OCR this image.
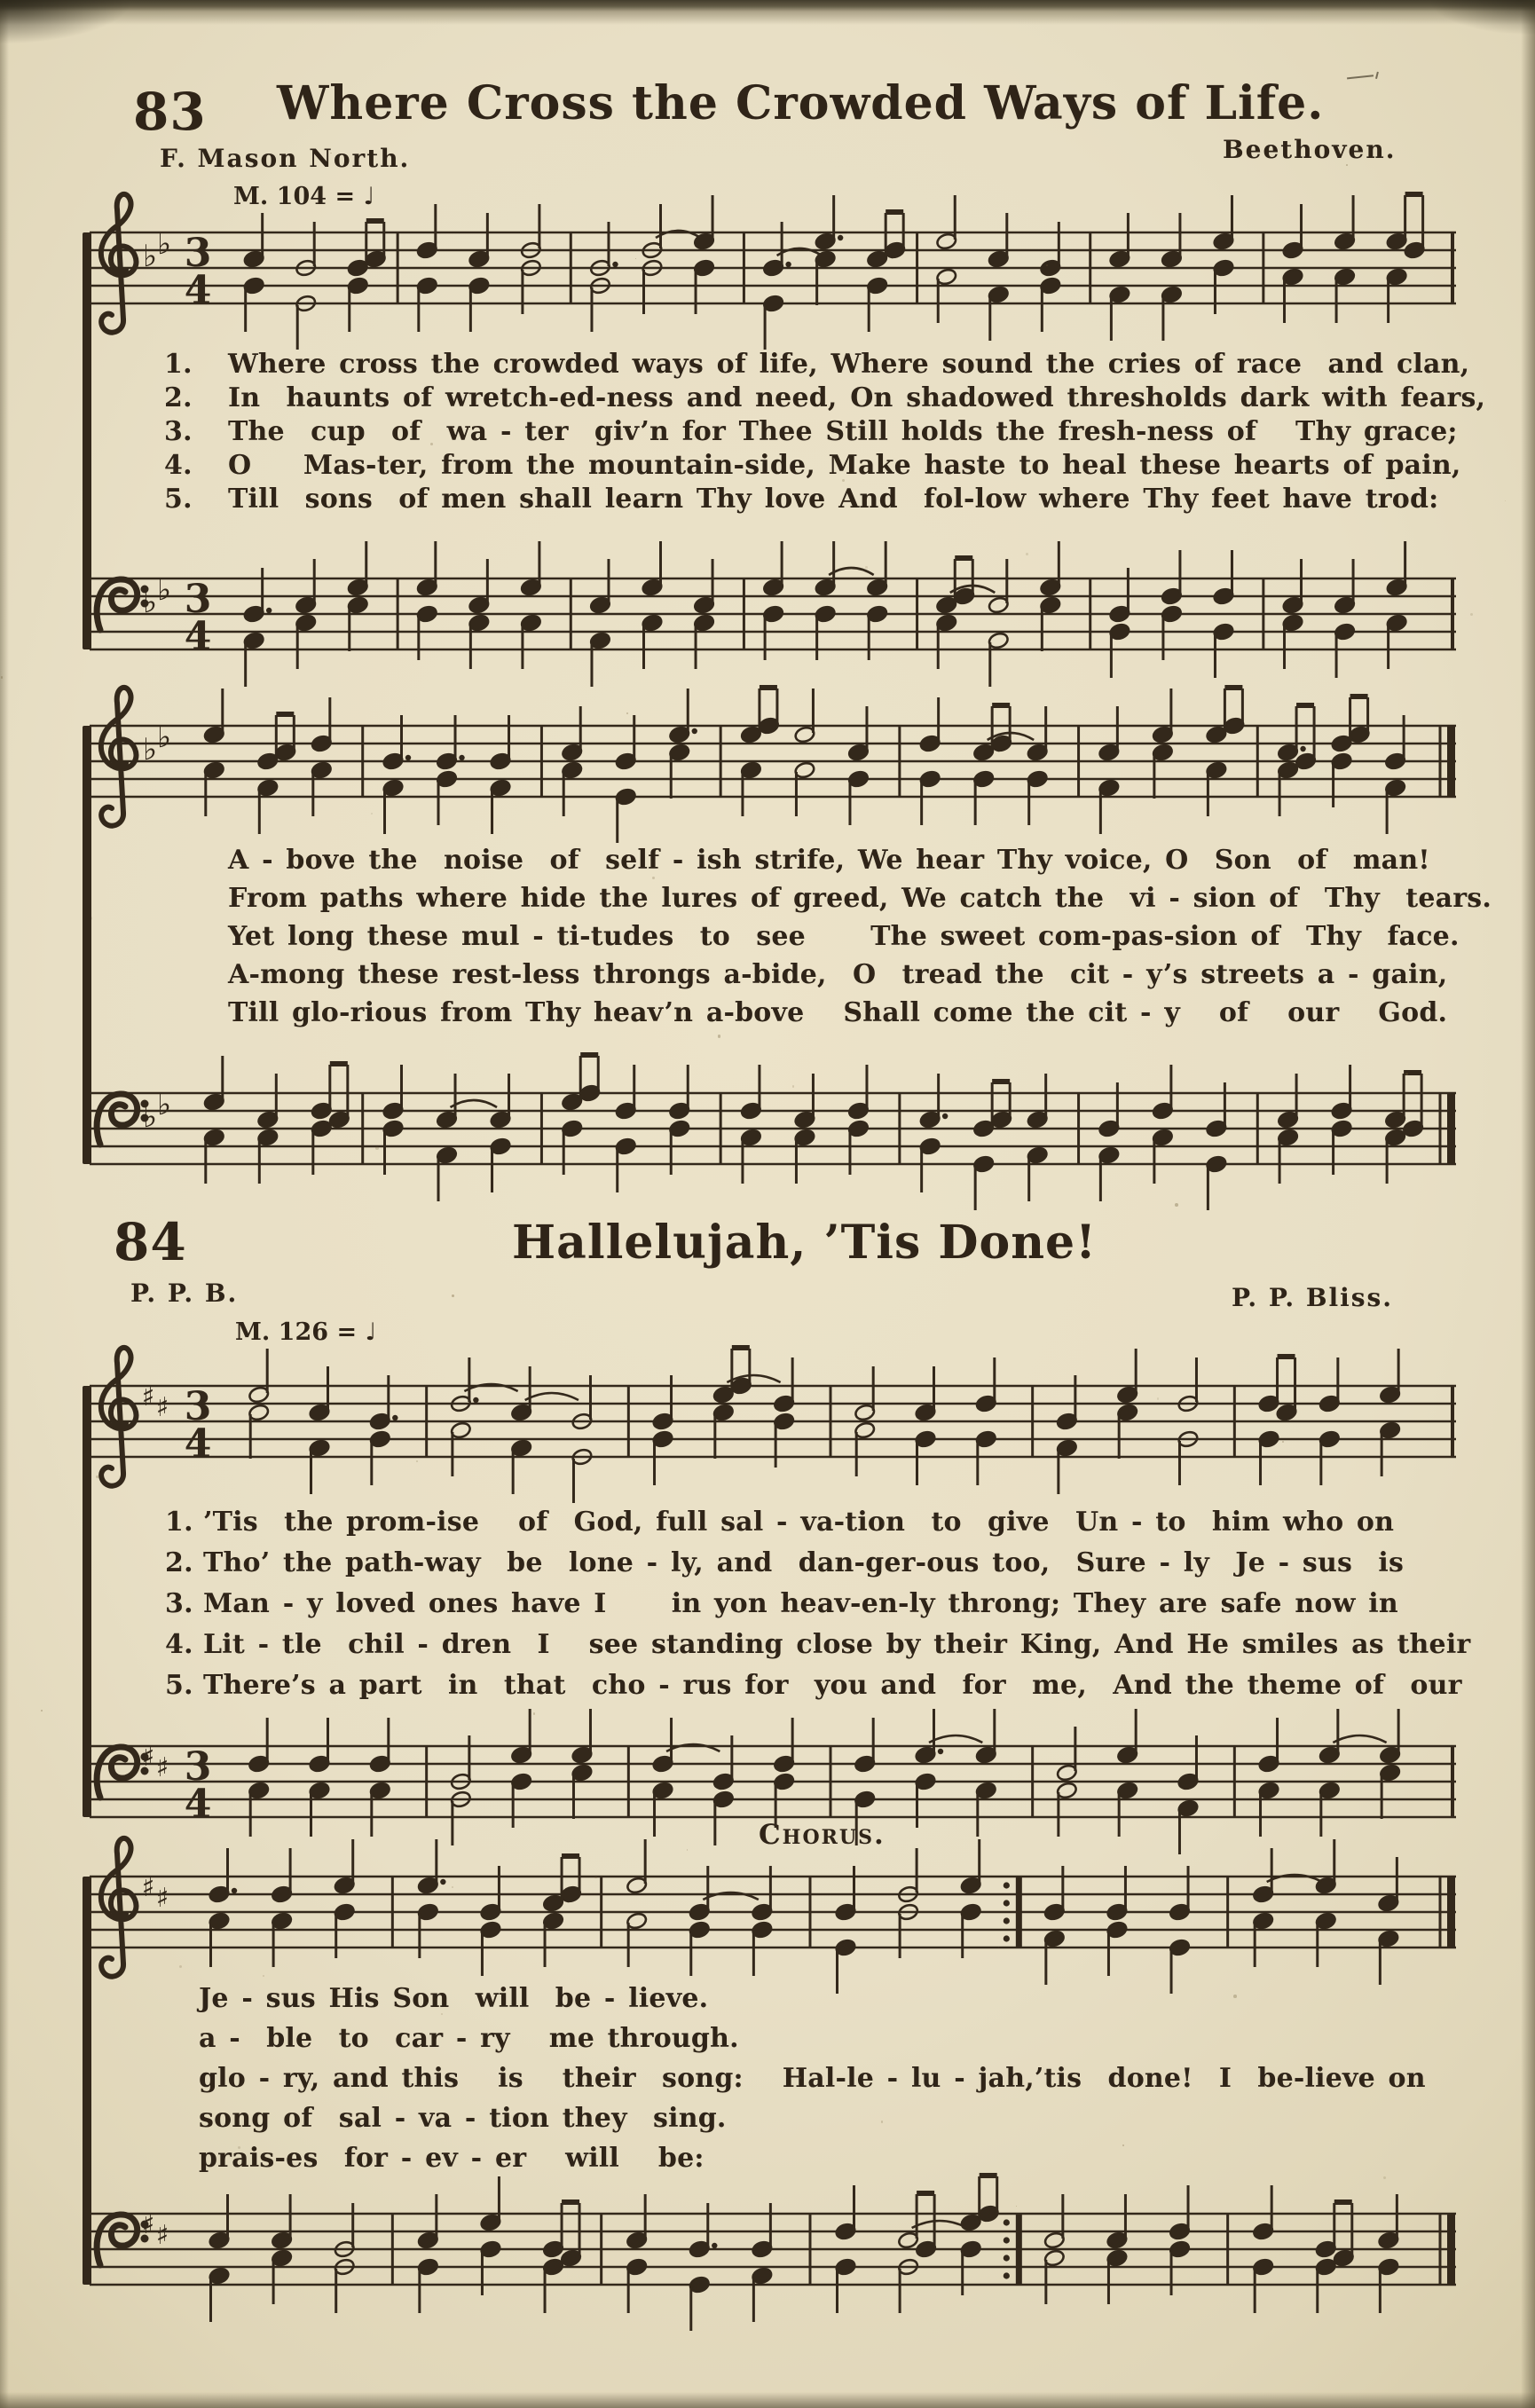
83 Where Cross the Crowded Ways of Life.
F. Mason North.	Beethoven.
M. 104 = ♩
84	Hallelujah, ’Tis Done!
P. P. B.	P. P. Bliss.
M. 126 = ♩
Chorus.
♭ ♭ 3
4
♭ ♭ 3
4
♭ ♭
♭ ♭
♯ ♯ 3
4
♯ ♯ 3
4
♯ ♯
♯ ♯
1. Where cross the crowded ways of life, Where sound the cries of race  and clan,
2. In  haunts of wretch-ed-ness and need, On shadowed thresholds dark with fears,
3. The  cup  of  wa - ter  giv’n for Thee Still holds the fresh-ness of   Thy grace;
4. O    Mas-ter, from the mountain-side, Make haste to heal these hearts of pain,
5. Till  sons  of men shall learn Thy love And  fol-low where Thy feet have trod:
A - bove the  noise  of  self - ish strife, We hear Thy voice, O  Son  of  man!
From paths where hide the lures of greed, We catch the  vi - sion of  Thy  tears.
Yet long these mul - ti-tudes  to  see     The sweet com-pas-sion of  Thy  face.
A-mong these rest-less throngs a-bide,  O  tread the  cit - y’s streets a - gain,
Till glo-rious from Thy heav’n a-bove   Shall come the cit - y   of   our   God.
1. ’Tis  the prom-ise   of  God, full sal - va-tion  to  give  Un - to  him who on
2. Tho’ the path-way  be  lone - ly, and  dan-ger-ous too,  Sure - ly  Je - sus  is
3. Man - y loved ones have I     in yon heav-en-ly throng; They are safe now in
4. Lit - tle  chil - dren  I   see standing close by their King, And He smiles as their
5. There’s a part  in  that  cho - rus for  you and  for  me,  And the theme of  our
Je - sus His Son  will  be - lieve.
a -  ble  to  car - ry   me through.
glo - ry, and this   is   their  song:   Hal-le - lu - jah,’tis  done!  I  be-lieve on
song of  sal - va - tion they  sing.
prais-es  for - ev - er   will   be:
